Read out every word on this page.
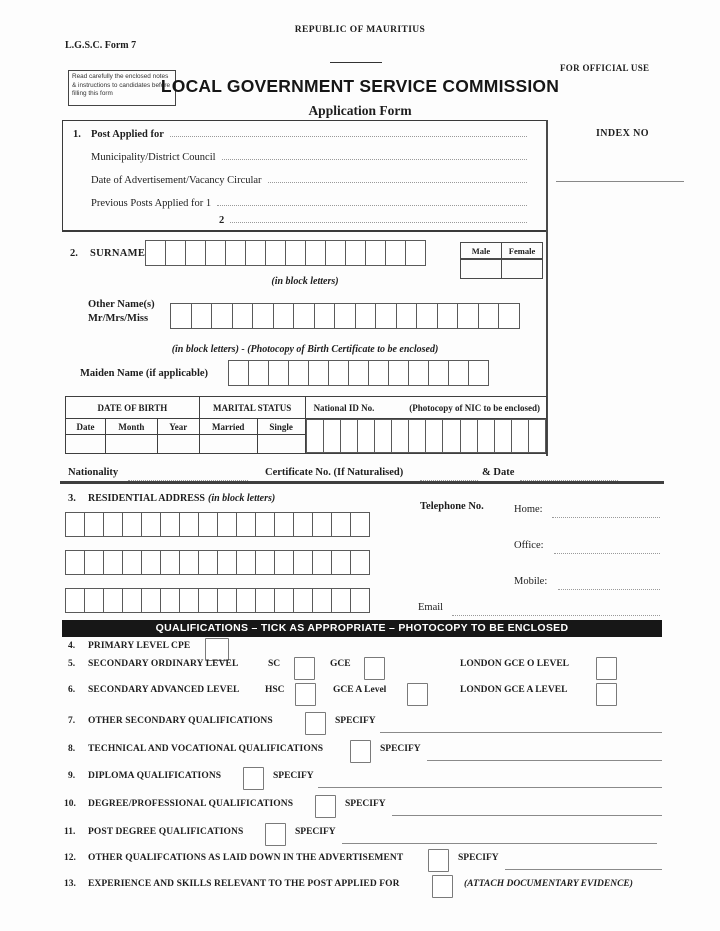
REPUBLIC OF MAURITIUS
L.G.S.C. Form 7
FOR OFFICIAL USE
Read carefully the enclosed notes & instructions to candidates before filling this form	LOCAL GOVERNMENT SERVICE COMMISSION
Application Form
1. Post Applied for
Municipality/District Council
Date of Advertisement/Vacancy Circular
Previous Posts Applied for 1
2
INDEX NO
2. SURNAME	Male	Female

(in block letters)
Other Name(s)
Mr/Mrs/Miss
(in block letters) - (Photocopy of Birth Certificate to be enclosed)
Maiden Name (if applicable)
DATE OF BIRTH			MARITAL STATUS		National ID No. (Photocopy of NIC to be enclosed)

Date	Month	Year	Married	Single	

Nationality	Certificate No. (If Naturalised)	& Date
3. RESIDENTIAL ADDRESS (in block letters)
Telephone No.	Home:
Office:
Mobile:
Email
QUALIFICATIONS – TICK AS APPROPRIATE – PHOTOCOPY TO BE ENCLOSED
4. PRIMARY LEVEL CPE
5. SECONDARY ORDINARY LEVEL	SC	GCE	LONDON GCE O LEVEL
6. SECONDARY ADVANCED LEVEL	HSC	GCE A Level	LONDON GCE A LEVEL
7. OTHER SECONDARY QUALIFICATIONS	SPECIFY
8. TECHNICAL AND VOCATIONAL QUALIFICATIONS	SPECIFY
9. DIPLOMA QUALIFICATIONS	SPECIFY
10. DEGREE/PROFESSIONAL QUALIFICATIONS	SPECIFY
11. POST DEGREE QUALIFICATIONS	SPECIFY
12. OTHER QUALIFCATIONS AS LAID DOWN IN THE ADVERTISEMENT	SPECIFY
13. EXPERIENCE AND SKILLS RELEVANT TO THE POST APPLIED FOR	(ATTACH DOCUMENTARY EVIDENCE)
